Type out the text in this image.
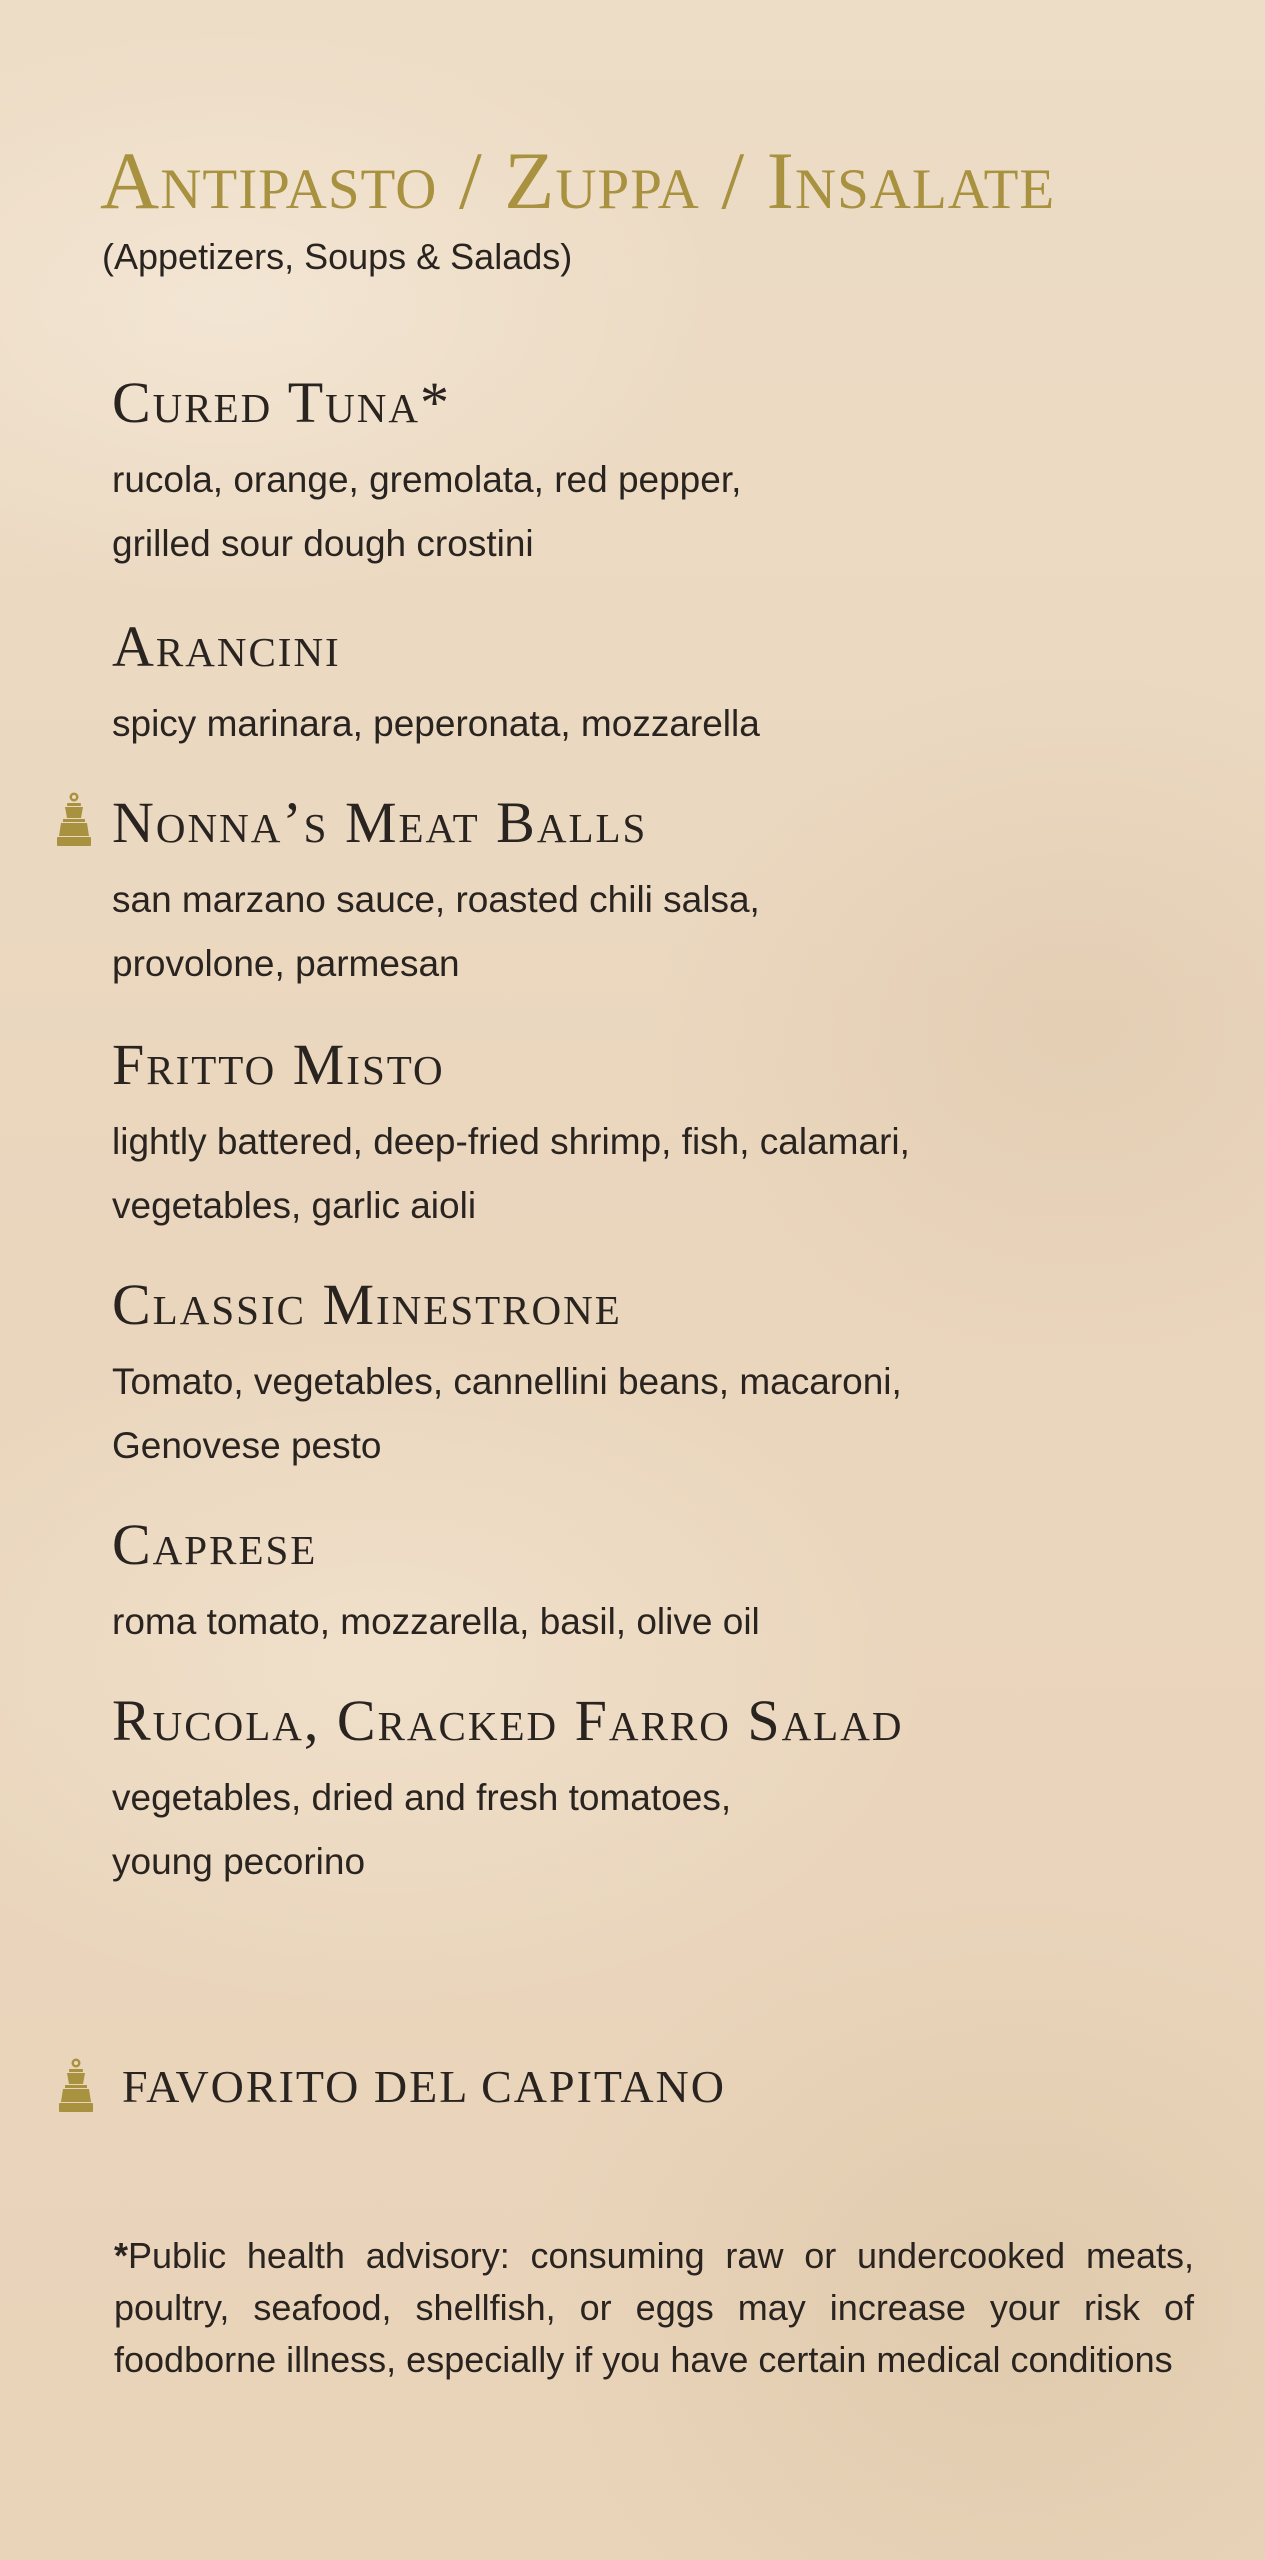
Antipasto / Zuppa / Insalate

(Appetizers, Soups & Salads)

Cured Tuna*

rucola, orange, gremolata, red pepper,
grilled sour dough crostini

Arancini

spicy marinara, peperonata, mozzarella

Nonna’s Meat Balls

san marzano sauce, roasted chili salsa,
provolone, parmesan

Fritto Misto

lightly battered, deep-fried shrimp, fish, calamari,
vegetables, garlic aioli

Classic Minestrone

Tomato, vegetables, cannellini beans, macaroni,
Genovese pesto

Caprese

roma tomato, mozzarella, basil, olive oil

Rucola, Cracked Farro Salad

vegetables, dried and fresh tomatoes,
young pecorino

FAVORITO DEL CAPITANO

*Public health advisory: consuming raw or undercooked meats, poultry, seafood, shellfish, or eggs may increase your risk of foodborne illness, especially if you have certain medical conditions
